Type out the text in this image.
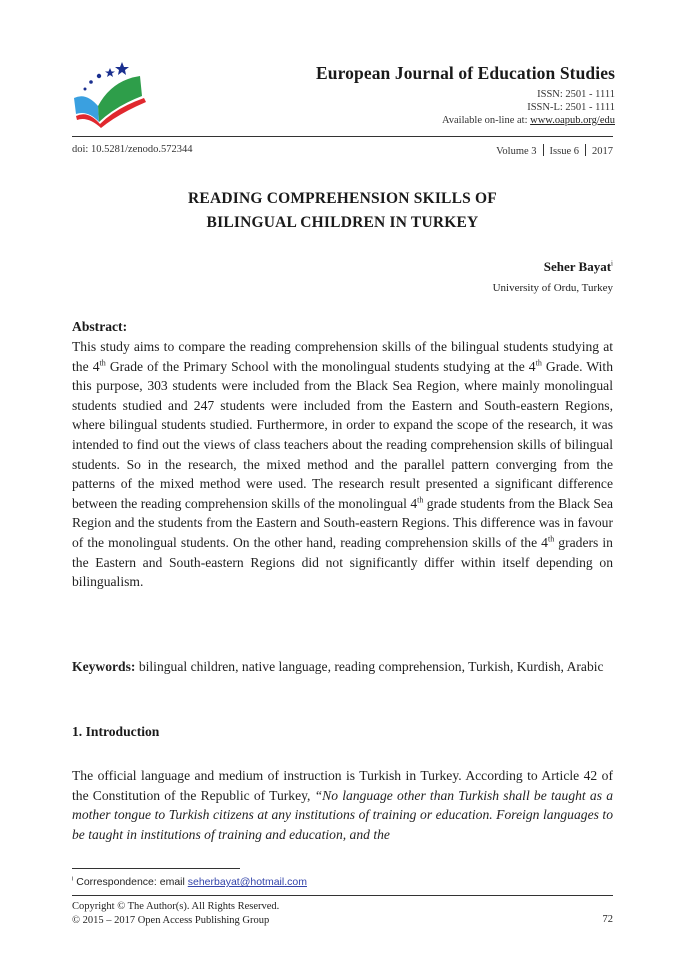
European Journal of Education Studies
ISSN: 2501 - 1111
ISSN-L: 2501 - 1111
Available on-line at: www.oapub.org/edu
doi: 10.5281/zenodo.572344	Volume 3 Issue 6 2017
READING COMPREHENSION SKILLS OF
BILINGUAL CHILDREN IN TURKEY
Seher Bayat$^i$
University of Ordu, Turkey
Abstract:
This study aims to compare the reading comprehension skills of the bilingual students studying at the 4th Grade of the Primary School with the monolingual students studying at the 4th Grade. With this purpose, 303 students were included from the Black Sea Region, where mainly monolingual students studied and 247 students were included from the Eastern and South-eastern Regions, where bilingual students studied. Furthermore, in order to expand the scope of the research, it was intended to find out the views of class teachers about the reading comprehension skills of bilingual students. So in the research, the mixed method and the parallel pattern converging from the patterns of the mixed method were used. The research result presented a significant difference between the reading comprehension skills of the monolingual 4th grade students from the Black Sea Region and the students from the Eastern and South-eastern Regions. This difference was in favour of the monolingual students. On the other hand, reading comprehension skills of the 4th graders in the Eastern and South-eastern Regions did not significantly differ within itself depending on bilingualism.
Keywords: bilingual children, native language, reading comprehension, Turkish, Kurdish, Arabic
1. Introduction
The official language and medium of instruction is Turkish in Turkey. According to Article 42 of the Constitution of the Republic of Turkey, “No language other than Turkish shall be taught as a mother tongue to Turkish citizens at any institutions of training or education. Foreign languages to be taught in institutions of training and education, and the
$^i$ Correspondence: email seherbayat@hotmail.com
Copyright © The Author(s). All Rights Reserved.
© 2015 – 2017 Open Access Publishing Group	72
